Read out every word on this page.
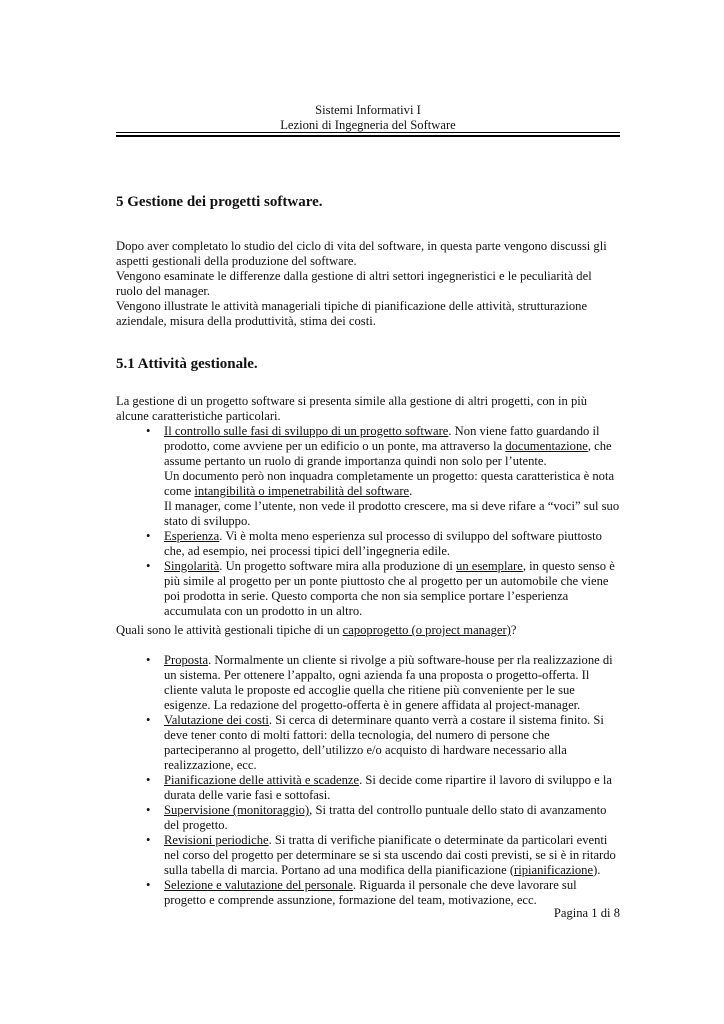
Sistemi Informativi I
Lezioni di Ingegneria del Software
5 Gestione dei progetti software.

Dopo aver completato lo studio del ciclo di vita del software, in questa parte vengono discussi gli aspetti gestionali della produzione del software.

Vengono esaminate le differenze dalla gestione di altri settori ingegneristici e le peculiarità del ruolo del manager.

Vengono illustrate le attività manageriali tipiche di pianificazione delle attività, strutturazione aziendale, misura della produttività, stima dei costi.

5.1 Attività gestionale.
La gestione di un progetto software si presenta simile alla gestione di altri progetti, con in più alcune caratteristiche particolari.
• Il controllo sulle fasi di sviluppo di un progetto software. Non viene fatto guardando il prodotto, come avviene per un edificio o un ponte, ma attraverso la documentazione, che assume pertanto un ruolo di grande importanza quindi non solo per l’utente.
Un documento però non inquadra completamente un progetto: questa caratteristica è nota come intangibilità o impenetrabilità del software.
Il manager, come l’utente, non vede il prodotto crescere, ma si deve rifare a “voci” sul suo stato di sviluppo.
• Esperienza. Vi è molta meno esperienza sul processo di sviluppo del software piuttosto che, ad esempio, nei processi tipici dell’ingegneria edile.
• Singolarità. Un progetto software mira alla produzione di un esemplare, in questo senso è più simile al progetto per un ponte piuttosto che al progetto per un automobile che viene poi prodotta in serie. Questo comporta che non sia semplice portare l’esperienza accumulata con un prodotto in un altro.
Quali sono le attività gestionali tipiche di un capoprogetto (o project manager)?
• Proposta. Normalmente un cliente si rivolge a più software-house per rla realizzazione di un sistema. Per ottenere l’appalto, ogni azienda fa una proposta o progetto-offerta. Il cliente valuta le proposte ed accoglie quella che ritiene più conveniente per le sue esigenze. La redazione del progetto-offerta è in genere affidata al project-manager.
• Valutazione dei costi. Si cerca di determinare quanto verrà a costare il sistema finito. Si deve tener conto di molti fattori: della tecnologia, del numero di persone che parteciperanno al progetto, dell’utilizzo e/o acquisto di hardware necessario alla realizzazione, ecc.
• Pianificazione delle attività e scadenze. Si decide come ripartire il lavoro di sviluppo e la durata delle varie fasi e sottofasi.
• Supervisione (monitoraggio), Si tratta del controllo puntuale dello stato di avanzamento del progetto.
• Revisioni periodiche. Si tratta di verifiche pianificate o determinate da particolari eventi nel corso del progetto per determinare se si sta uscendo dai costi previsti, se si è in ritardo sulla tabella di marcia. Portano ad una modifica della pianificazione (ripianificazione).
• Selezione e valutazione del personale. Riguarda il personale che deve lavorare sul progetto e comprende assunzione, formazione del team, motivazione, ecc.
Pagina 1 di 8
